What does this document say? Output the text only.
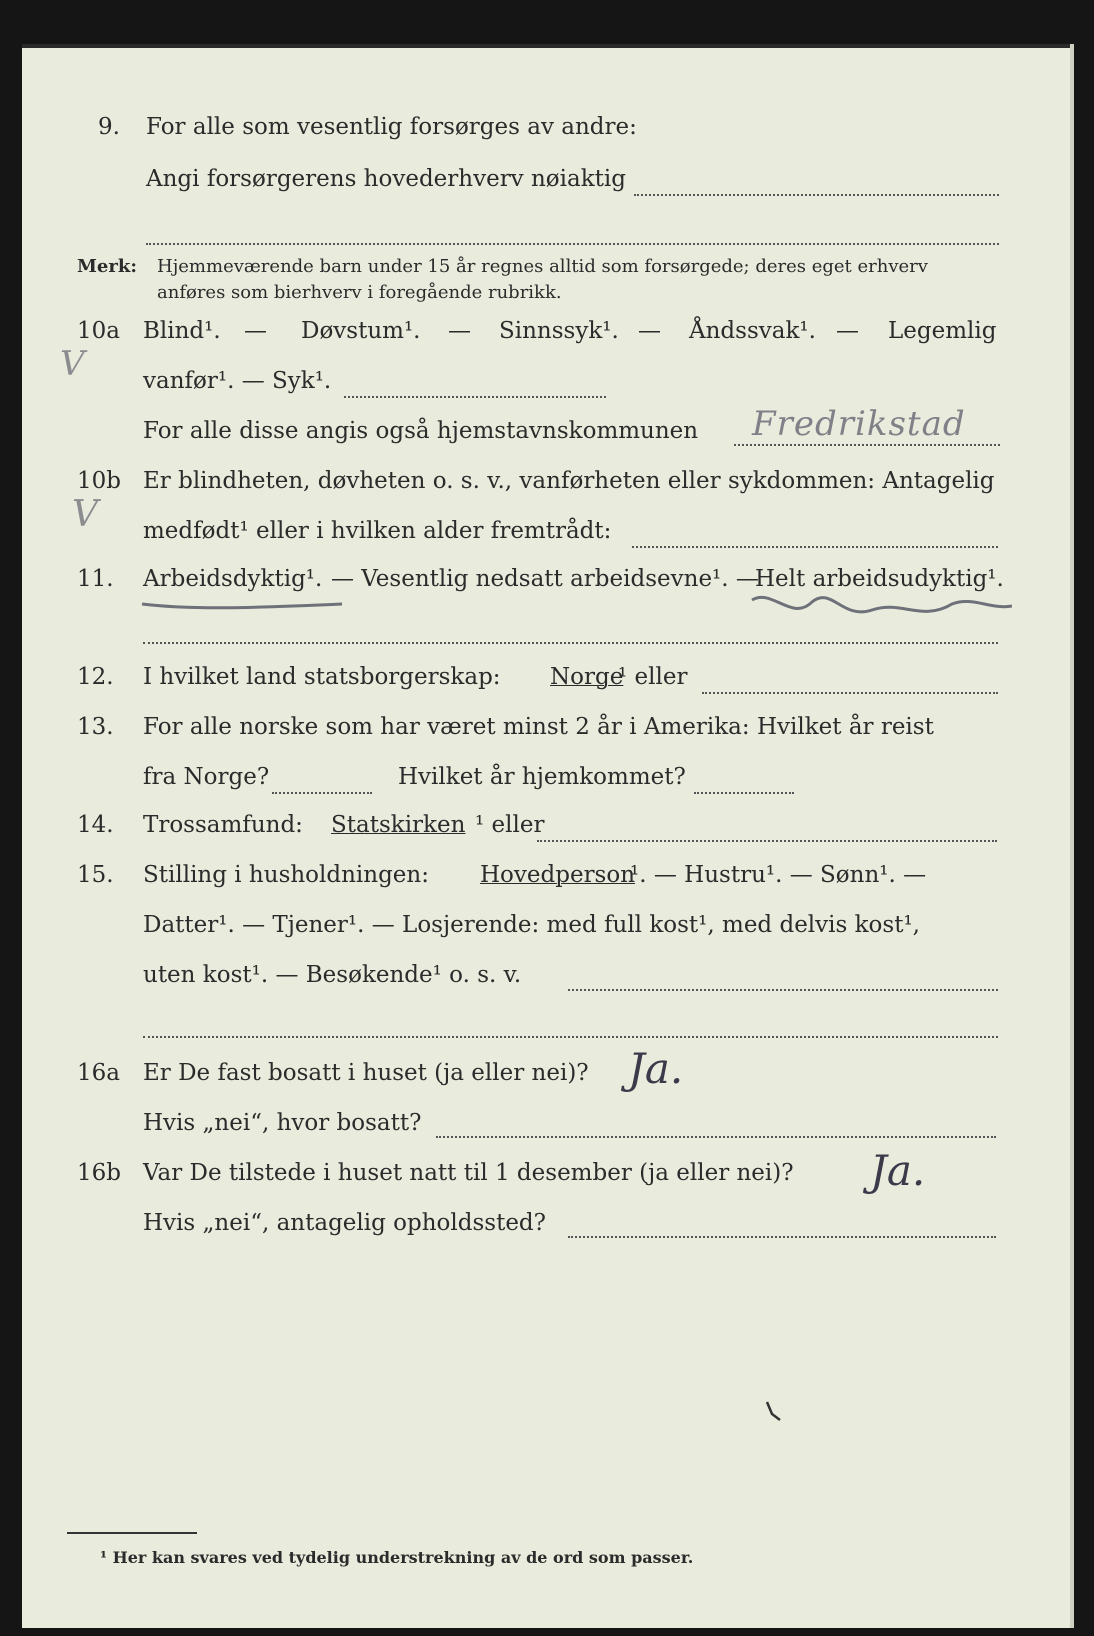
9. For alle som vesentlig forsørges av andre:
Angi forsørgerens hovederhverv nøiaktig
Merk: Hjemmeværende barn under 15 år regnes alltid som forsørgede; deres eget erhverv
anføres som bierhverv i foregående rubrikk.
10a Blind¹. — Døvstum¹. — Sinnssyk¹. — Åndssvak¹. — Legemlig
V	vanfør¹. — Syk¹.
For alle disse angis også hjemstavnskommunen Fredrikstad
10b Er blindheten, døvheten o. s. v., vanførheten eller sykdommen: Antagelig
V medfødt¹ eller i hvilken alder fremtrådt:
11. Arbeidsdyktig¹. — Vesentlig nedsatt arbeidsevne¹. —
Helt arbeidsudyktig¹.
12. I hvilket land statsborgerskap: Norge
¹ eller
13. For alle norske som har været minst 2 år i Amerika: Hvilket år reist
fra Norge?	Hvilket år hjemkommet?
14. Trossamfund: Statskirken ¹ eller
15. Stilling i husholdningen: Hovedperson
¹. — Hustru¹. — Sønn¹. —
Datter¹. — Tjener¹. — Losjerende: med full kost¹, med delvis kost¹,
uten kost¹. — Besøkende¹ o. s. v.
16a Er De fast bosatt i huset (ja eller nei)? Ja.
Hvis „nei“, hvor bosatt?
16b Var De tilstede i huset natt til 1 desember (ja eller nei)? Ja.
Hvis „nei“, antagelig opholdssted?
¹ Her kan svares ved tydelig understrekning av de ord som passer.
